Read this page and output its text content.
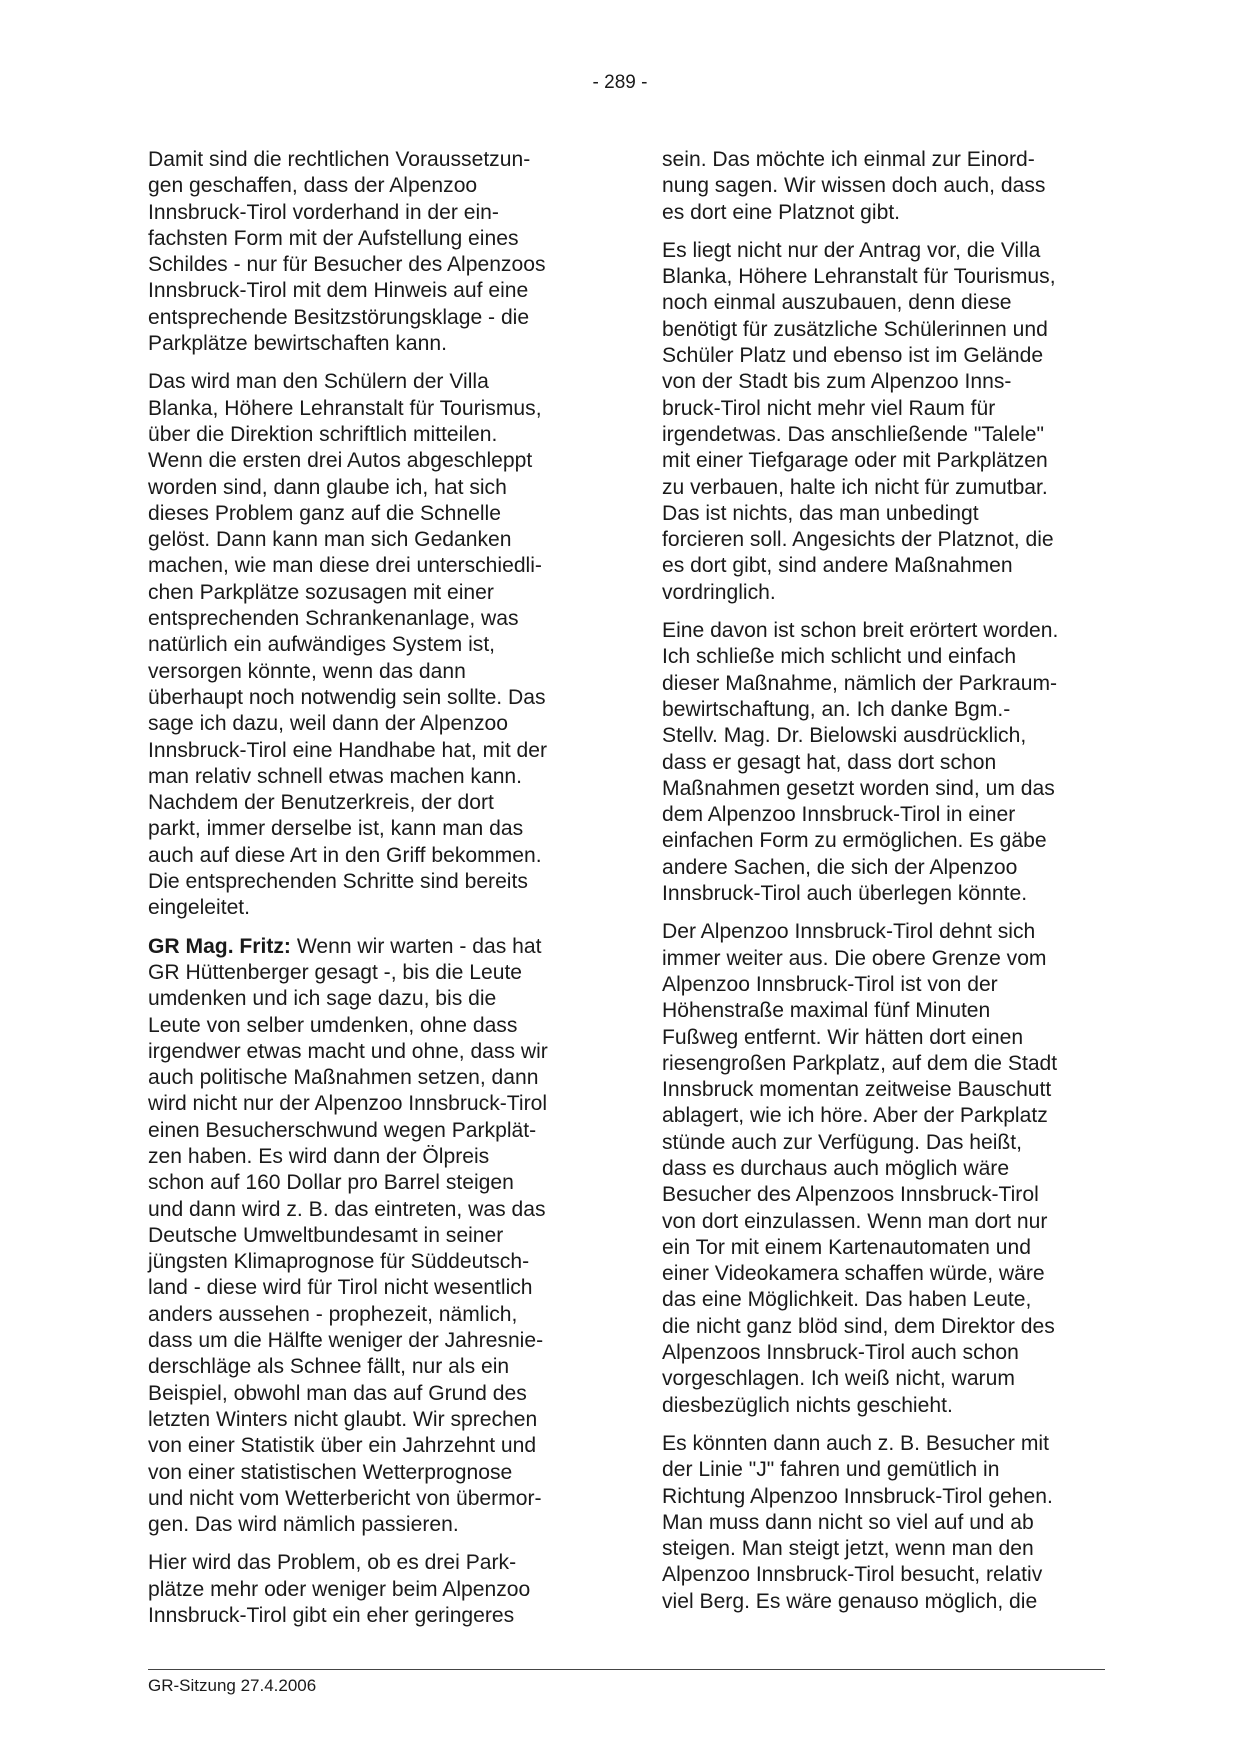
- 289 -

Damit sind die rechtlichen Voraussetzun-
gen geschaffen, dass der Alpenzoo
Innsbruck-Tirol vorderhand in der ein-
fachsten Form mit der Aufstellung eines
Schildes - nur für Besucher des Alpenzoos
Innsbruck-Tirol mit dem Hinweis auf eine
entsprechende Besitzstörungsklage - die
Parkplätze bewirtschaften kann.

Das wird man den Schülern der Villa
Blanka, Höhere Lehranstalt für Tourismus,
über die Direktion schriftlich mitteilen.
Wenn die ersten drei Autos abgeschleppt
worden sind, dann glaube ich, hat sich
dieses Problem ganz auf die Schnelle
gelöst. Dann kann man sich Gedanken
machen, wie man diese drei unterschiedli-
chen Parkplätze sozusagen mit einer
entsprechenden Schrankenanlage, was
natürlich ein aufwändiges System ist,
versorgen könnte, wenn das dann
überhaupt noch notwendig sein sollte. Das
sage ich dazu, weil dann der Alpenzoo
Innsbruck-Tirol eine Handhabe hat, mit der
man relativ schnell etwas machen kann.
Nachdem der Benutzerkreis, der dort
parkt, immer derselbe ist, kann man das
auch auf diese Art in den Griff bekommen.
Die entsprechenden Schritte sind bereits
eingeleitet.

GR Mag. Fritz: Wenn wir warten - das hat
GR Hüttenberger gesagt -, bis die Leute
umdenken und ich sage dazu, bis die
Leute von selber umdenken, ohne dass
irgendwer etwas macht und ohne, dass wir
auch politische Maßnahmen setzen, dann
wird nicht nur der Alpenzoo Innsbruck-Tirol
einen Besucherschwund wegen Parkplät-
zen haben. Es wird dann der Ölpreis
schon auf 160 Dollar pro Barrel steigen
und dann wird z. B. das eintreten, was das
Deutsche Umweltbundesamt in seiner
jüngsten Klimaprognose für Süddeutsch-
land - diese wird für Tirol nicht wesentlich
anders aussehen - prophezeit, nämlich,
dass um die Hälfte weniger der Jahresnie-
derschläge als Schnee fällt, nur als ein
Beispiel, obwohl man das auf Grund des
letzten Winters nicht glaubt. Wir sprechen
von einer Statistik über ein Jahrzehnt und
von einer statistischen Wetterprognose
und nicht vom Wetterbericht von übermor-
gen. Das wird nämlich passieren.

Hier wird das Problem, ob es drei Park-
plätze mehr oder weniger beim Alpenzoo
Innsbruck-Tirol gibt ein eher geringeres

sein. Das möchte ich einmal zur Einord-
nung sagen. Wir wissen doch auch, dass
es dort eine Platznot gibt.

Es liegt nicht nur der Antrag vor, die Villa
Blanka, Höhere Lehranstalt für Tourismus,
noch einmal auszubauen, denn diese
benötigt für zusätzliche Schülerinnen und
Schüler Platz und ebenso ist im Gelände
von der Stadt bis zum Alpenzoo Inns-
bruck-Tirol nicht mehr viel Raum für
irgendetwas. Das anschließende "Talele"
mit einer Tiefgarage oder mit Parkplätzen
zu verbauen, halte ich nicht für zumutbar.
Das ist nichts, das man unbedingt
forcieren soll. Angesichts der Platznot, die
es dort gibt, sind andere Maßnahmen
vordringlich.

Eine davon ist schon breit erörtert worden.
Ich schließe mich schlicht und einfach
dieser Maßnahme, nämlich der Parkraum-
bewirtschaftung, an. Ich danke Bgm.-
Stellv. Mag. Dr. Bielowski ausdrücklich,
dass er gesagt hat, dass dort schon
Maßnahmen gesetzt worden sind, um das
dem Alpenzoo Innsbruck-Tirol in einer
einfachen Form zu ermöglichen. Es gäbe
andere Sachen, die sich der Alpenzoo
Innsbruck-Tirol auch überlegen könnte.

Der Alpenzoo Innsbruck-Tirol dehnt sich
immer weiter aus. Die obere Grenze vom
Alpenzoo Innsbruck-Tirol ist von der
Höhenstraße maximal fünf Minuten
Fußweg entfernt. Wir hätten dort einen
riesengroßen Parkplatz, auf dem die Stadt
Innsbruck momentan zeitweise Bauschutt
ablagert, wie ich höre. Aber der Parkplatz
stünde auch zur Verfügung. Das heißt,
dass es durchaus auch möglich wäre
Besucher des Alpenzoos Innsbruck-Tirol
von dort einzulassen. Wenn man dort nur
ein Tor mit einem Kartenautomaten und
einer Videokamera schaffen würde, wäre
das eine Möglichkeit. Das haben Leute,
die nicht ganz blöd sind, dem Direktor des
Alpenzoos Innsbruck-Tirol auch schon
vorgeschlagen. Ich weiß nicht, warum
diesbezüglich nichts geschieht.

Es könnten dann auch z. B. Besucher mit
der Linie "J" fahren und gemütlich in
Richtung Alpenzoo Innsbruck-Tirol gehen.
Man muss dann nicht so viel auf und ab
steigen. Man steigt jetzt, wenn man den
Alpenzoo Innsbruck-Tirol besucht, relativ
viel Berg. Es wäre genauso möglich, die

GR-Sitzung 27.4.2006
